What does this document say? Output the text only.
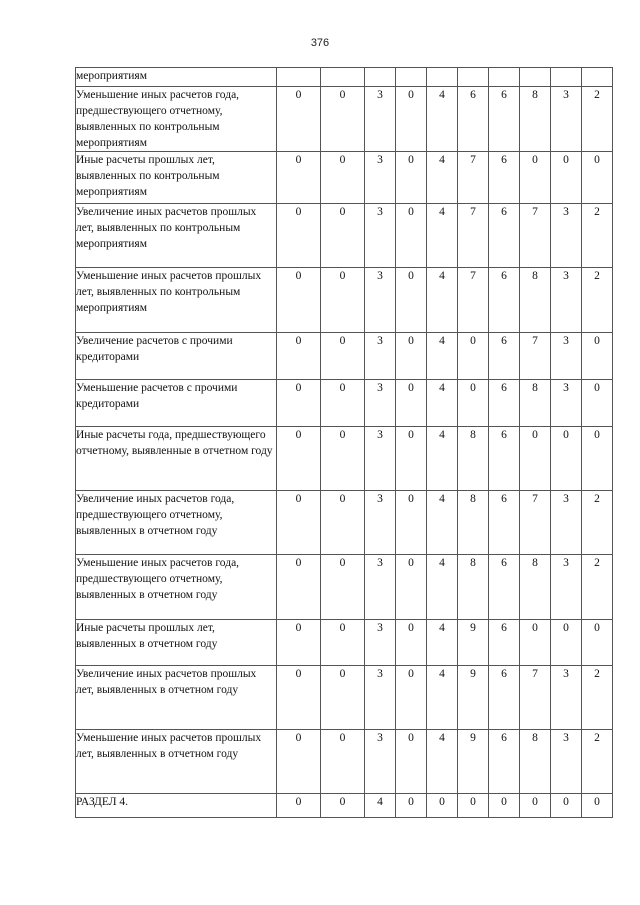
376
мероприятиям										
Уменьшение иных расчетов года, предшествующего отчетному, выявленных по контрольным мероприятиям	0	0	3	0	4	6	6	8	3	2
Иные расчеты прошлых лет, выявленных по контрольным мероприятиям	0	0	3	0	4	7	6	0	0	0
Увеличение иных расчетов прошлых лет, выявленных по контрольным мероприятиям	0	0	3	0	4	7	6	7	3	2
Уменьшение иных расчетов прошлых лет, выявленных по контрольным мероприятиям	0	0	3	0	4	7	6	8	3	2
Увеличение расчетов с прочими кредиторами	0	0	3	0	4	0	6	7	3	0
Уменьшение расчетов с прочими кредиторами	0	0	3	0	4	0	6	8	3	0
Иные расчеты года, предшествующего отчетному, выявленные в отчетном году	0	0	3	0	4	8	6	0	0	0
Увеличение иных расчетов года, предшествующего отчетному, выявленных в отчетном году	0	0	3	0	4	8	6	7	3	2
Уменьшение иных расчетов года, предшествующего отчетному, выявленных в отчетном году	0	0	3	0	4	8	6	8	3	2
Иные расчеты прошлых лет, выявленных в отчетном году	0	0	3	0	4	9	6	0	0	0
Увеличение иных расчетов прошлых лет, выявленных в отчетном году	0	0	3	0	4	9	6	7	3	2
Уменьшение иных расчетов прошлых лет, выявленных в отчетном году	0	0	3	0	4	9	6	8	3	2
РАЗДЕЛ 4.	0	0	4	0	0	0	0	0	0	0
